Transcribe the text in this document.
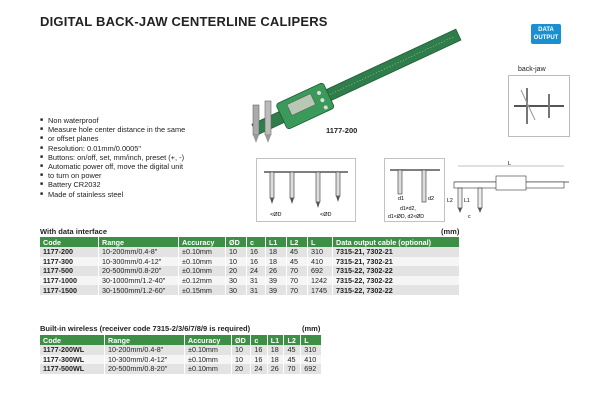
DIGITAL BACK-JAW CENTERLINE CALIPERS
DATA
OUTPUT
back-jaw
■ Non waterproof
■ Measure hole center distance in the same
■ or offset planes
■ Resolution: 0.01mm/0.0005"
■ Buttons: on/off, set, mm/inch, preset (+, -)
■ Automatic power off, move the digital unit
■ to turn on power
■ Battery CR2032
■ Made of stainless steel
1177-200
<ØD	<ØD
d1	d2
d1≠d2,
d1<ØD, d2<ØD
L
L1
L2
c
With data interface	(mm)
Code	Range	Accuracy	ØD	c	L1	L2	L	Data output cable (optional)
1177-200	10-200mm/0.4-8"	±0.10mm	10	16	18	45	310	7315-21, 7302-21
1177-300	10-300mm/0.4-12"	±0.10mm	10	16	18	45	410	7315-21, 7302-21
1177-500	20-500mm/0.8-20"	±0.10mm	20	24	26	70	692	7315-22, 7302-22
1177-1000	30-1000mm/1.2-40"	±0.12mm	30	31	39	70	1242	7315-22, 7302-22
1177-1500	30-1500mm/1.2-60"	±0.15mm	30	31	39	70	1745	7315-22, 7302-22
Built-in wireless (receiver code 7315-2/3/6/7/8/9 is required)	(mm)
Code	Range	Accuracy	ØD	c	L1	L2	L
1177-200WL	10-200mm/0.4-8"	±0.10mm	10	16	18	45	310
1177-300WL	10-300mm/0.4-12"	±0.10mm	10	16	18	45	410
1177-500WL	20-500mm/0.8-20"	±0.10mm	20	24	26	70	692
